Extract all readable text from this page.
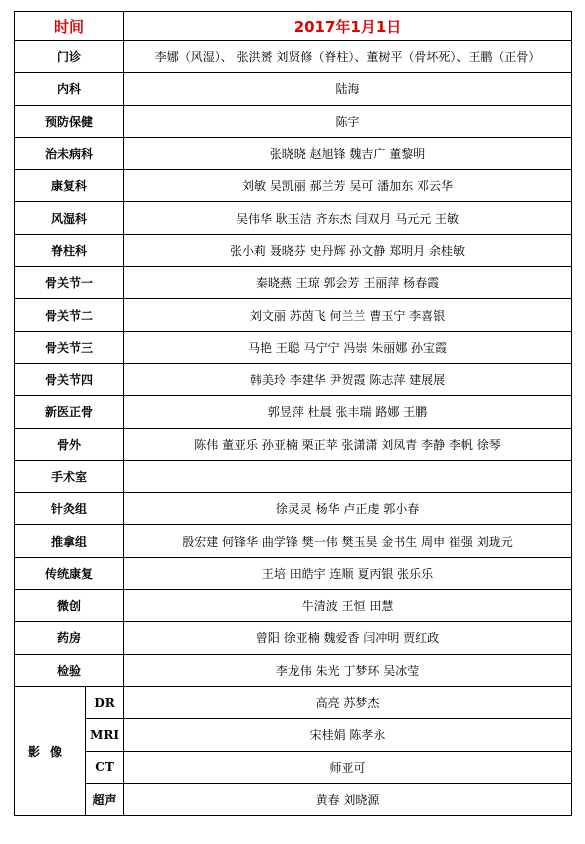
时间		2017年1月1日
门诊		李娜（风湿）、 张洪赟 刘贤修（脊柱）、董树平（骨坏死）、王鹏（正骨）
内科		陆海
预防保健		陈宇
治未病科		张晓晓 赵旭锋 魏吉广 董黎明
康复科		刘敏 吴凯丽 郝兰芳 吴可 潘加东 邓云华
风湿科		吴伟华 耿玉洁 齐东杰 闫双月 马元元 王敏
脊柱科		张小莉 聂晓芬 史丹辉 孙文静 郑明月 余桂敏
骨关节一		秦晓燕 王琼 郭会芳 王丽萍 杨春霞
骨关节二		刘文丽 苏茵飞 何兰兰 曹玉宁 李喜银
骨关节三		马艳 王聪 马宁宁 冯崇 朱丽娜 孙宝霞
骨关节四		韩美玲 李建华 尹贺霞 陈志萍 建展展
新医正骨		郭昱萍 杜晨 张丰瑞 路娜 王鹏
骨外		陈伟 董亚乐 孙亚楠 栗正苹 张潇潇 刘凤青 李静 李帆 徐琴
手术室		
针灸组		徐灵灵 杨华 卢正虔 郭小春
推拿组		殷宏建 何锋华 曲学锋 樊一伟 樊玉昊 金书生 周申 崔强 刘珑元
传统康复		王培 田皓宇 连顺 夏丙银 张乐乐
微创		牛清波 王恒 田慧
药房		曾阳 徐亚楠 魏爱香 闫冲明 贾红政
检验		李龙伟 朱光 丁梦环 吴冰莹
影像	DR	高亮 苏梦杰
	MRI	宋桂娟 陈孝永
	CT	师亚可
	超声	黄春 刘晓源
